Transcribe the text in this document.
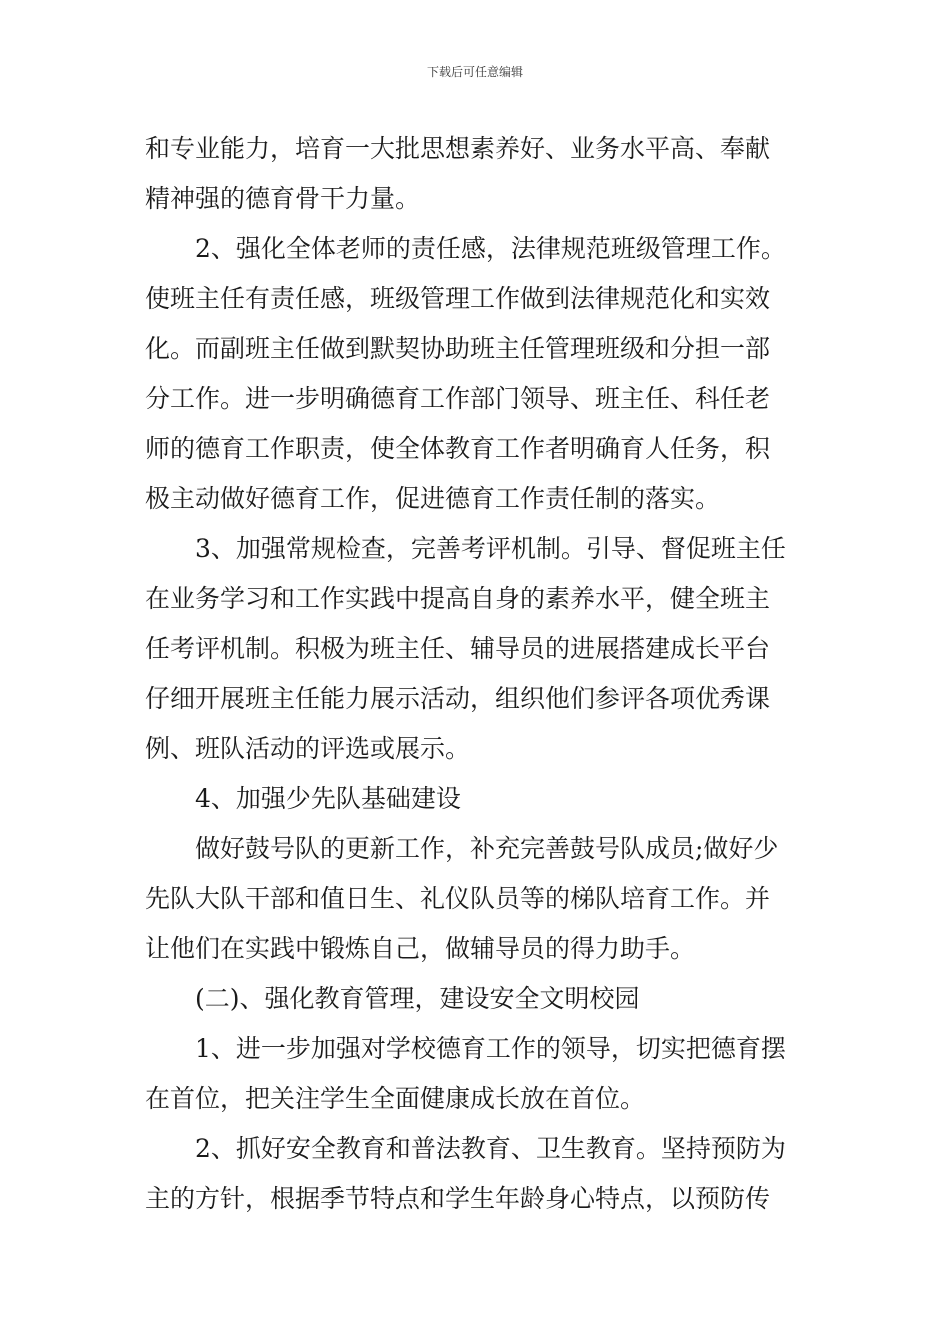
下载后可任意编辑
和专业能力，培育一大批思想素养好、业务水平高、奉献
精神强的德育骨干力量。
2、强化全体老师的责任感，法律规范班级管理工作。
使班主任有责任感，班级管理工作做到法律规范化和实效
化。而副班主任做到默契协助班主任管理班级和分担一部
分工作。进一步明确德育工作部门领导、班主任、科任老
师的德育工作职责，使全体教育工作者明确育人任务，积
极主动做好德育工作，促进德育工作责任制的落实。
3、加强常规检查，完善考评机制。引导、督促班主任
在业务学习和工作实践中提高自身的素养水平，健全班主
任考评机制。积极为班主任、辅导员的进展搭建成长平台
仔细开展班主任能力展示活动，组织他们参评各项优秀课
例、班队活动的评选或展示。
4、加强少先队基础建设
做好鼓号队的更新工作，补充完善鼓号队成员;做好少
先队大队干部和值日生、礼仪队员等的梯队培育工作。并
让他们在实践中锻炼自己，做辅导员的得力助手。
(二)、强化教育管理，建设安全文明校园
1、进一步加强对学校德育工作的领导，切实把德育摆
在首位，把关注学生全面健康成长放在首位。
2、抓好安全教育和普法教育、卫生教育。坚持预防为
主的方针，根据季节特点和学生年龄身心特点，以预防传
